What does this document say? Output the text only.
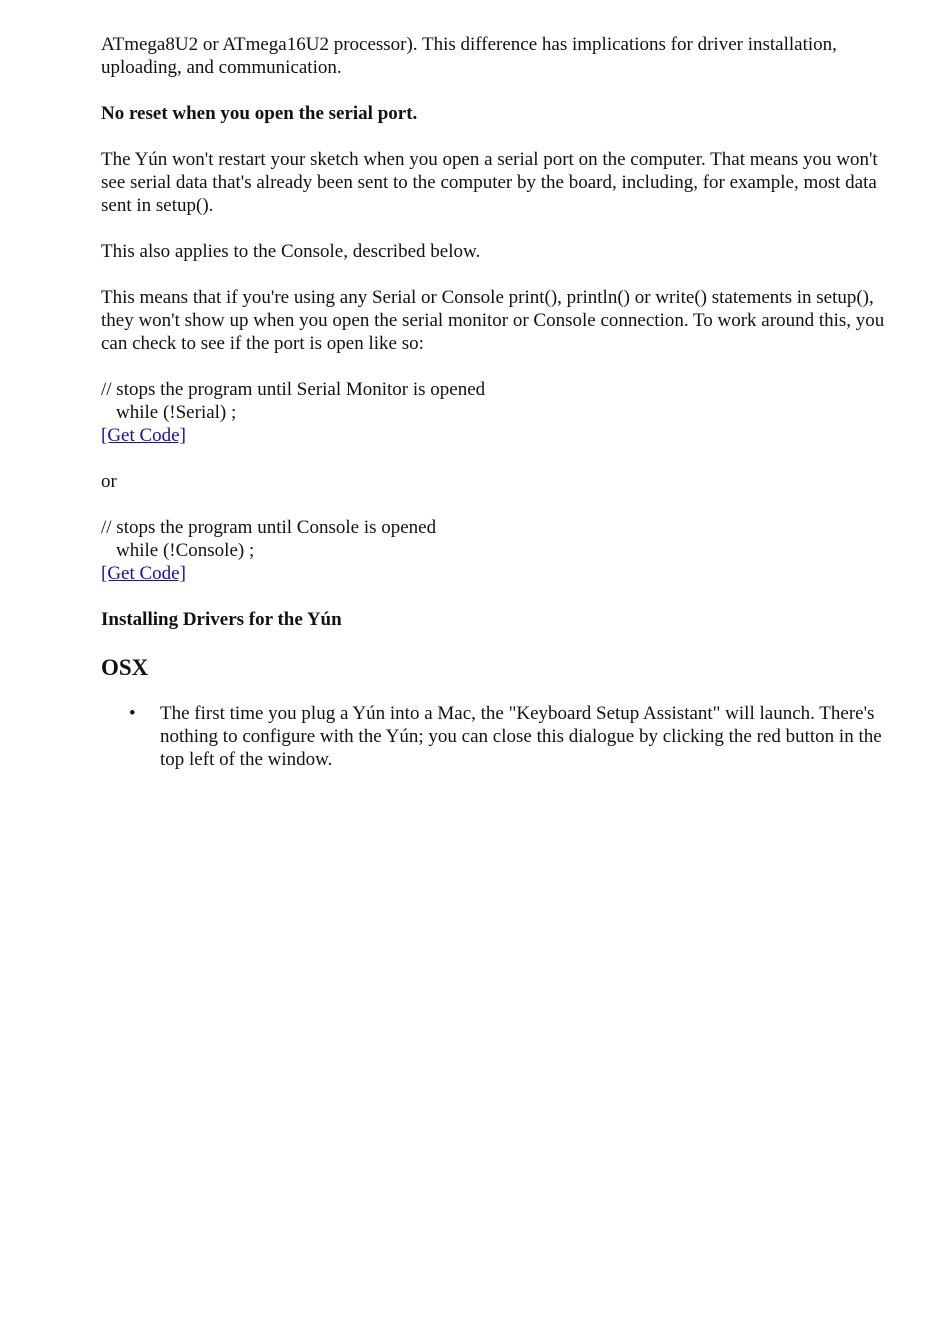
ATmega8U2 or ATmega16U2 processor). This difference has implications for driver installation, uploading, and communication.

No reset when you open the serial port.

The Yún won't restart your sketch when you open a serial port on the computer. That means you won't see serial data that's already been sent to the computer by the board, including, for example, most data sent in setup().

This also applies to the Console, described below.

This means that if you're using any Serial or Console print(), println() or write() statements in setup(), they won't show up when you open the serial monitor or Console connection. To work around this, you can check to see if the port is open like so:

// stops the program until Serial Monitor is opened
while (!Serial) ;
[Get Code]

or

// stops the program until Console is opened
while (!Console) ;
[Get Code]
Installing Drivers for the Yún
OSX
• The first time you plug a Yún into a Mac, the "Keyboard Setup Assistant" will launch. There's nothing to configure with the Yún; you can close this dialogue by clicking the red button in the top left of the window.
